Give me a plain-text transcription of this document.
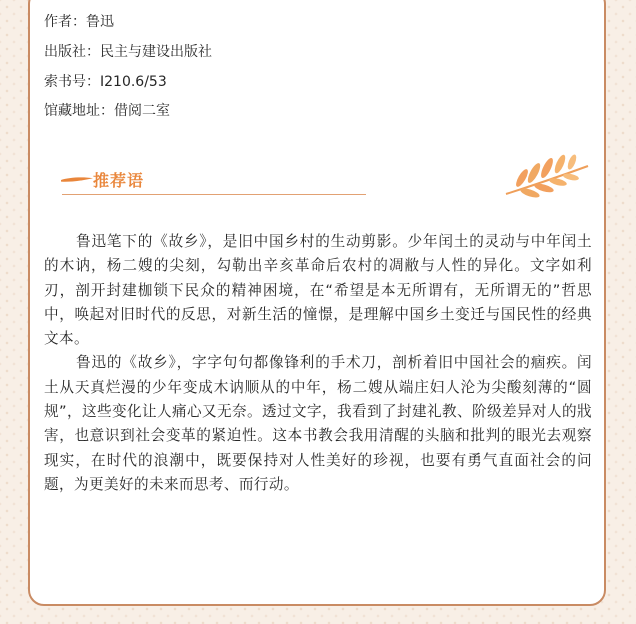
作者：鲁迅
出版社：民主与建设出版社
索书号：I210.6/53
馆藏地址：借阅二室
推荐语

鲁迅笔下的《故乡》，是旧中国乡村的生动剪影。少年闰土的灵动与中年闰土的木讷，杨二嫂的尖刻，勾勒出辛亥革命后农村的凋敝与人性的异化。文字如利刃，剖开封建枷锁下民众的精神困境，在“希望是本无所谓有，无所谓无的”哲思中，唤起对旧时代的反思，对新生活的憧憬，是理解中国乡土变迁与国民性的经典文本。

鲁迅的《故乡》，字字句句都像锋利的手术刀，剖析着旧中国社会的痼疾。闰土从天真烂漫的少年变成木讷顺从的中年，杨二嫂从端庄妇人沦为尖酸刻薄的“圆规”，这些变化让人痛心又无奈。透过文字，我看到了封建礼教、阶级差异对人的戕害，也意识到社会变革的紧迫性。这本书教会我用清醒的头脑和批判的眼光去观察现实，在时代的浪潮中，既要保持对人性美好的珍视，也要有勇气直面社会的问题，为更美好的未来而思考、而行动。
